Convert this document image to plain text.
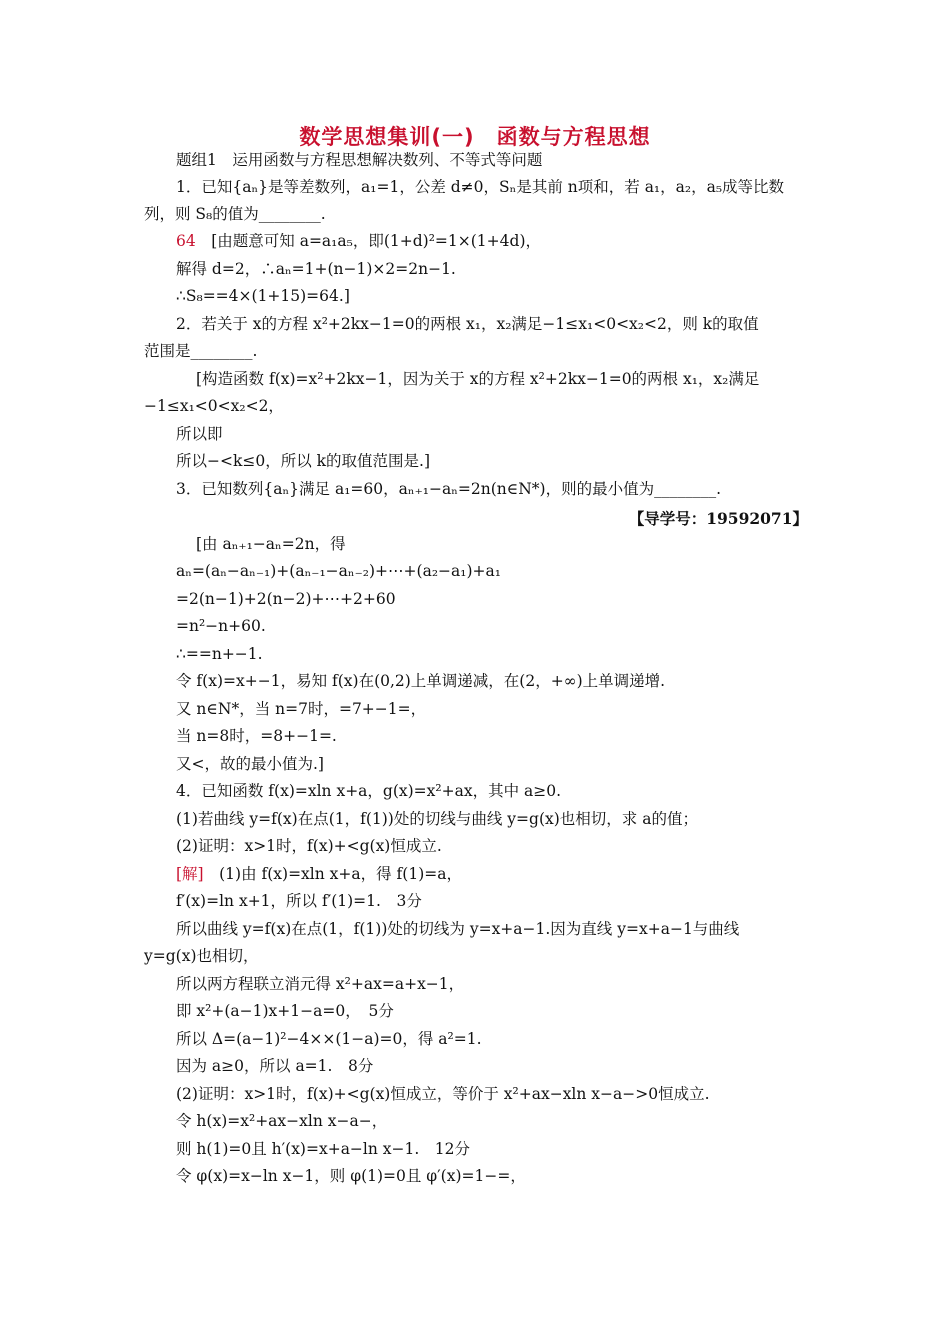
数学思想集训(一)　函数与方程思想
题组1　运用函数与方程思想解决数列、不等式等问题
1．已知{aₙ}是等差数列，a₁=1，公差 d≠0，Sₙ是其前 n项和，若 a₁，a₂，a₅成等比数
列，则 S₈的值为________.
64　[由题意可知 a=a₁a₅，即(1+d)²=1×(1+4d)，
解得 d=2，∴aₙ=1+(n−1)×2=2n−1.
∴S₈==4×(1+15)=64.]
2．若关于 x的方程 x²+2kx−1=0的两根 x₁，x₂满足−1≤x₁<0<x₂<2，则 k的取值
范围是________.
[构造函数 f(x)=x²+2kx−1，因为关于 x的方程 x²+2kx−1=0的两根 x₁，x₂满足
−1≤x₁<0<x₂<2，
所以即
所以−<k≤0，所以 k的取值范围是.]
3．已知数列{aₙ}满足 a₁=60，aₙ₊₁−aₙ=2n(n∈N*)，则的最小值为________.
[由 aₙ₊₁−aₙ=2n，得
aₙ=(aₙ−aₙ₋₁)+(aₙ₋₁−aₙ₋₂)+⋯+(a₂−a₁)+a₁
=2(n−1)+2(n−2)+⋯+2+60
=n²−n+60.
∴==n+−1.
令 f(x)=x+−1，易知 f(x)在(0,2)上单调递减，在(2，+∞)上单调递增.
又 n∈N*，当 n=7时，=7+−1=，
当 n=8时，=8+−1=.
又<，故的最小值为.]
4．已知函数 f(x)=xln x+a，g(x)=x²+ax，其中 a≥0.
(1)若曲线 y=f(x)在点(1，f(1))处的切线与曲线 y=g(x)也相切，求 a的值；
(2)证明：x>1时，f(x)+<g(x)恒成立.
[解]　(1)由 f(x)=xln x+a，得 f(1)=a，
f′(x)=ln x+1，所以 f′(1)=1.　3分
所以曲线 y=f(x)在点(1，f(1))处的切线为 y=x+a−1.因为直线 y=x+a−1与曲线
y=g(x)也相切，
所以两方程联立消元得 x²+ax=a+x−1，
即 x²+(a−1)x+1−a=0，　5分
所以 Δ=(a−1)²−4××(1−a)=0，得 a²=1.
因为 a≥0，所以 a=1.　8分
(2)证明：x>1时，f(x)+<g(x)恒成立，等价于 x²+ax−xln x−a−>0恒成立.
令 h(x)=x²+ax−xln x−a−，
则 h(1)=0且 h′(x)=x+a−ln x−1.　12分
令 φ(x)=x−ln x−1，则 φ(1)=0且 φ′(x)=1−=，
【导学号：19592071】
